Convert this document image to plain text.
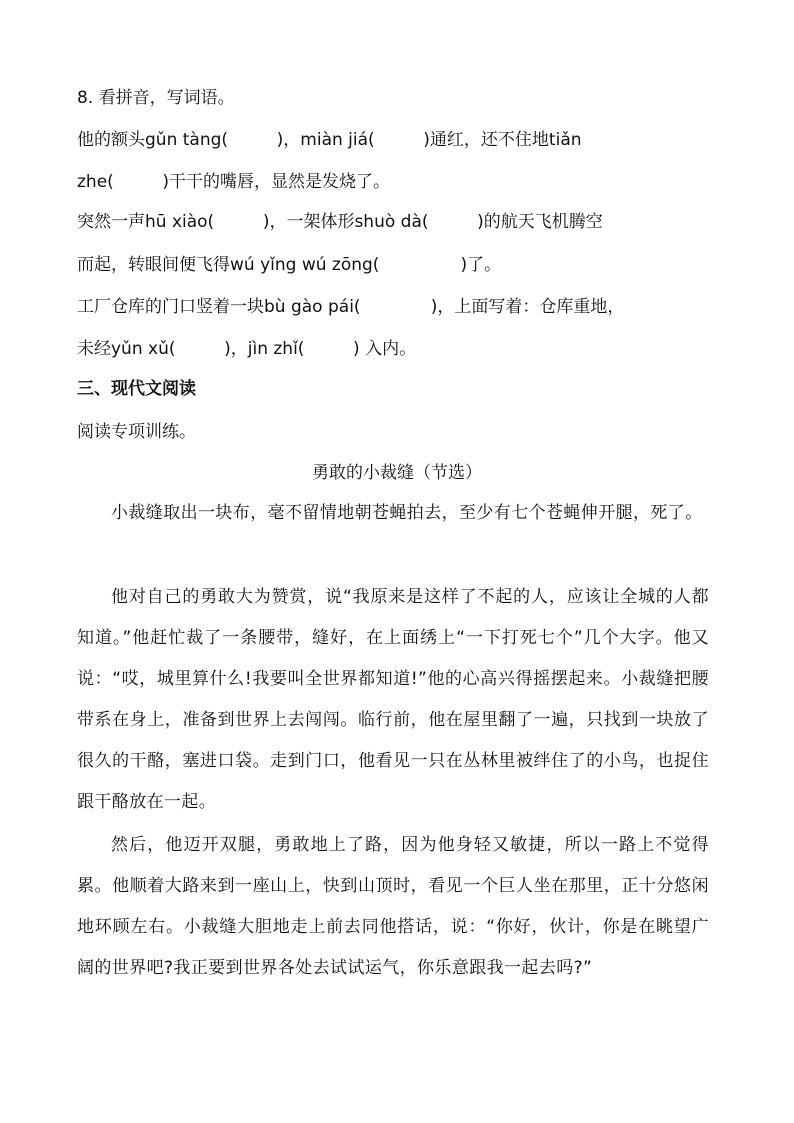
8. 看拼音，写词语。

他的额头gǔn tàng(         )，miàn jiá(         )通红，还不住地tiǎn

zhe(         )干干的嘴唇，显然是发烧了。

突然一声hū xiào(         )，一架体形shuò dà(         )的航天飞机腾空

而起，转眼间便飞得wú yǐng wú zōng(               )了。

工厂仓库的门口竖着一块bù gào pái(             )，上面写着：仓库重地，

未经yǔn xǔ(         )，jìn zhǐ(         ) 入内。

三、现代文阅读

阅读专项训练。

勇敢的小裁缝（节选）

小裁缝取出一块布，毫不留情地朝苍蝇拍去，至少有七个苍蝇伸开腿，死了。

他对自己的勇敢大为赞赏，说“我原来是这样了不起的人，应该让全城的人都知道。”他赶忙裁了一条腰带，缝好，在上面绣上“一下打死七个”几个大字。他又说：“哎，城里算什么!我要叫全世界都知道!”他的心高兴得摇摆起来。小裁缝把腰带系在身上，准备到世界上去闯闯。临行前，他在屋里翻了一遍，只找到一块放了很久的干酪，塞进口袋。走到门口，他看见一只在丛林里被绊住了的小鸟，也捉住跟干酪放在一起。

然后，他迈开双腿，勇敢地上了路，因为他身轻又敏捷，所以一路上不觉得累。他顺着大路来到一座山上，快到山顶时，看见一个巨人坐在那里，正十分悠闲地环顾左右。小裁缝大胆地走上前去同他搭话，说：“你好，伙计，你是在眺望广阔的世界吧?我正要到世界各处去试试运气，你乐意跟我一起去吗?”
